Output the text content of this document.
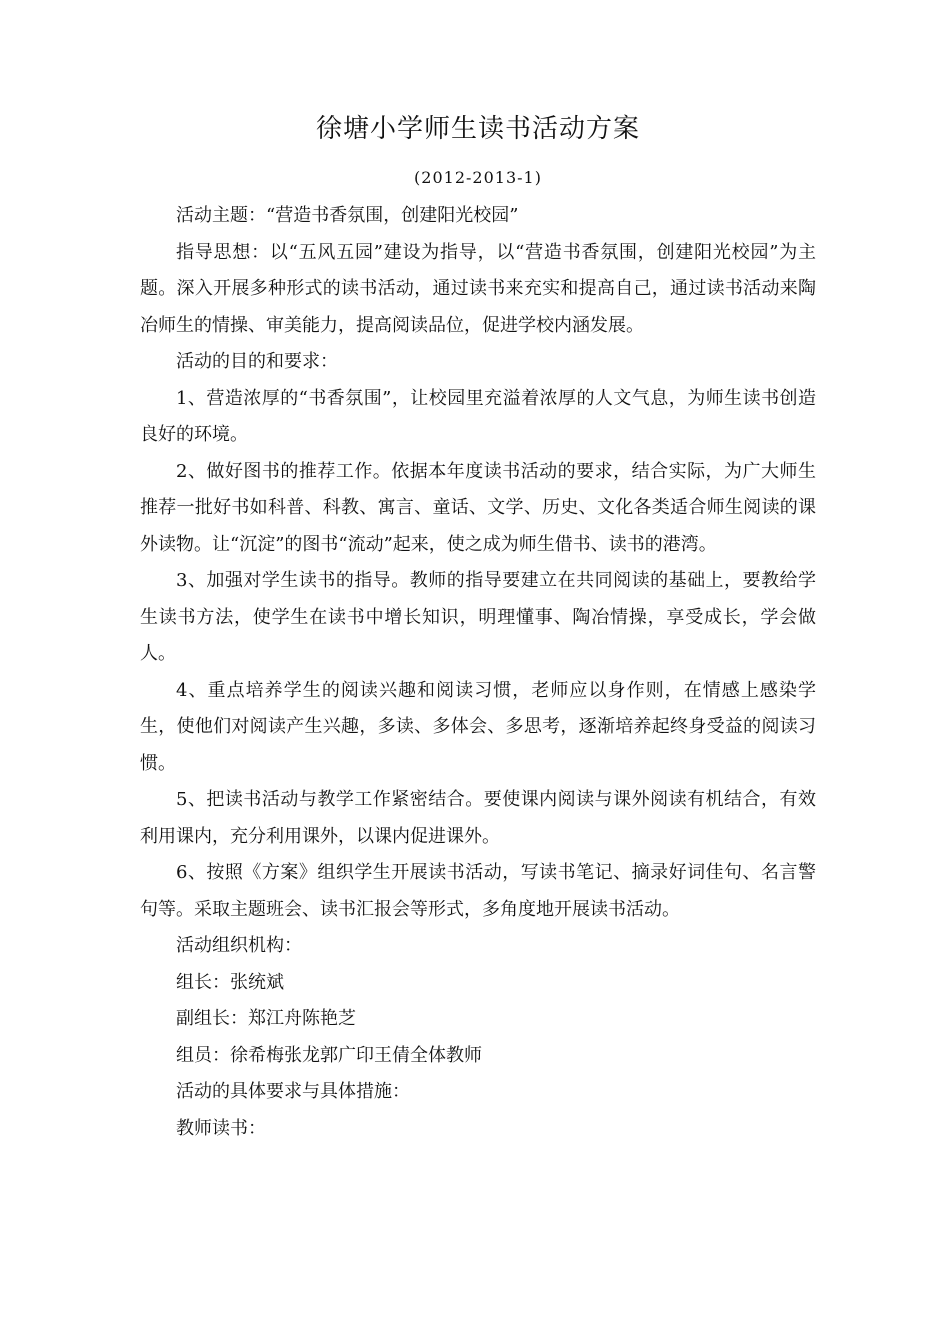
徐塘小学师生读书活动方案
(2012-2013-1)

活动主题：“营造书香氛围，创建阳光校园”

指导思想：以“五风五园”建设为指导，以“营造书香氛围，创建阳光校园”为主题。深入开展多种形式的读书活动，通过读书来充实和提高自己，通过读书活动来陶冶师生的情操、审美能力，提高阅读品位，促进学校内涵发展。

活动的目的和要求：

1、营造浓厚的“书香氛围”，让校园里充溢着浓厚的人文气息，为师生读书创造良好的环境。

2、做好图书的推荐工作。依据本年度读书活动的要求，结合实际，为广大师生推荐一批好书如科普、科教、寓言、童话、文学、历史、文化各类适合师生阅读的课外读物。让“沉淀”的图书“流动”起来，使之成为师生借书、读书的港湾。

3、加强对学生读书的指导。教师的指导要建立在共同阅读的基础上，要教给学生读书方法，使学生在读书中增长知识，明理懂事、陶冶情操，享受成长，学会做人。

4、重点培养学生的阅读兴趣和阅读习惯，老师应以身作则，在情感上感染学生，使他们对阅读产生兴趣，多读、多体会、多思考，逐渐培养起终身受益的阅读习惯。

5、把读书活动与教学工作紧密结合。要使课内阅读与课外阅读有机结合，有效利用课内，充分利用课外，以课内促进课外。

6、按照《方案》组织学生开展读书活动，写读书笔记、摘录好词佳句、名言警句等。采取主题班会、读书汇报会等形式，多角度地开展读书活动。

活动组织机构：

组长：张统斌

副组长：郑江舟陈艳芝

组员：徐希梅张龙郭广印王倩全体教师

活动的具体要求与具体措施：

教师读书：
